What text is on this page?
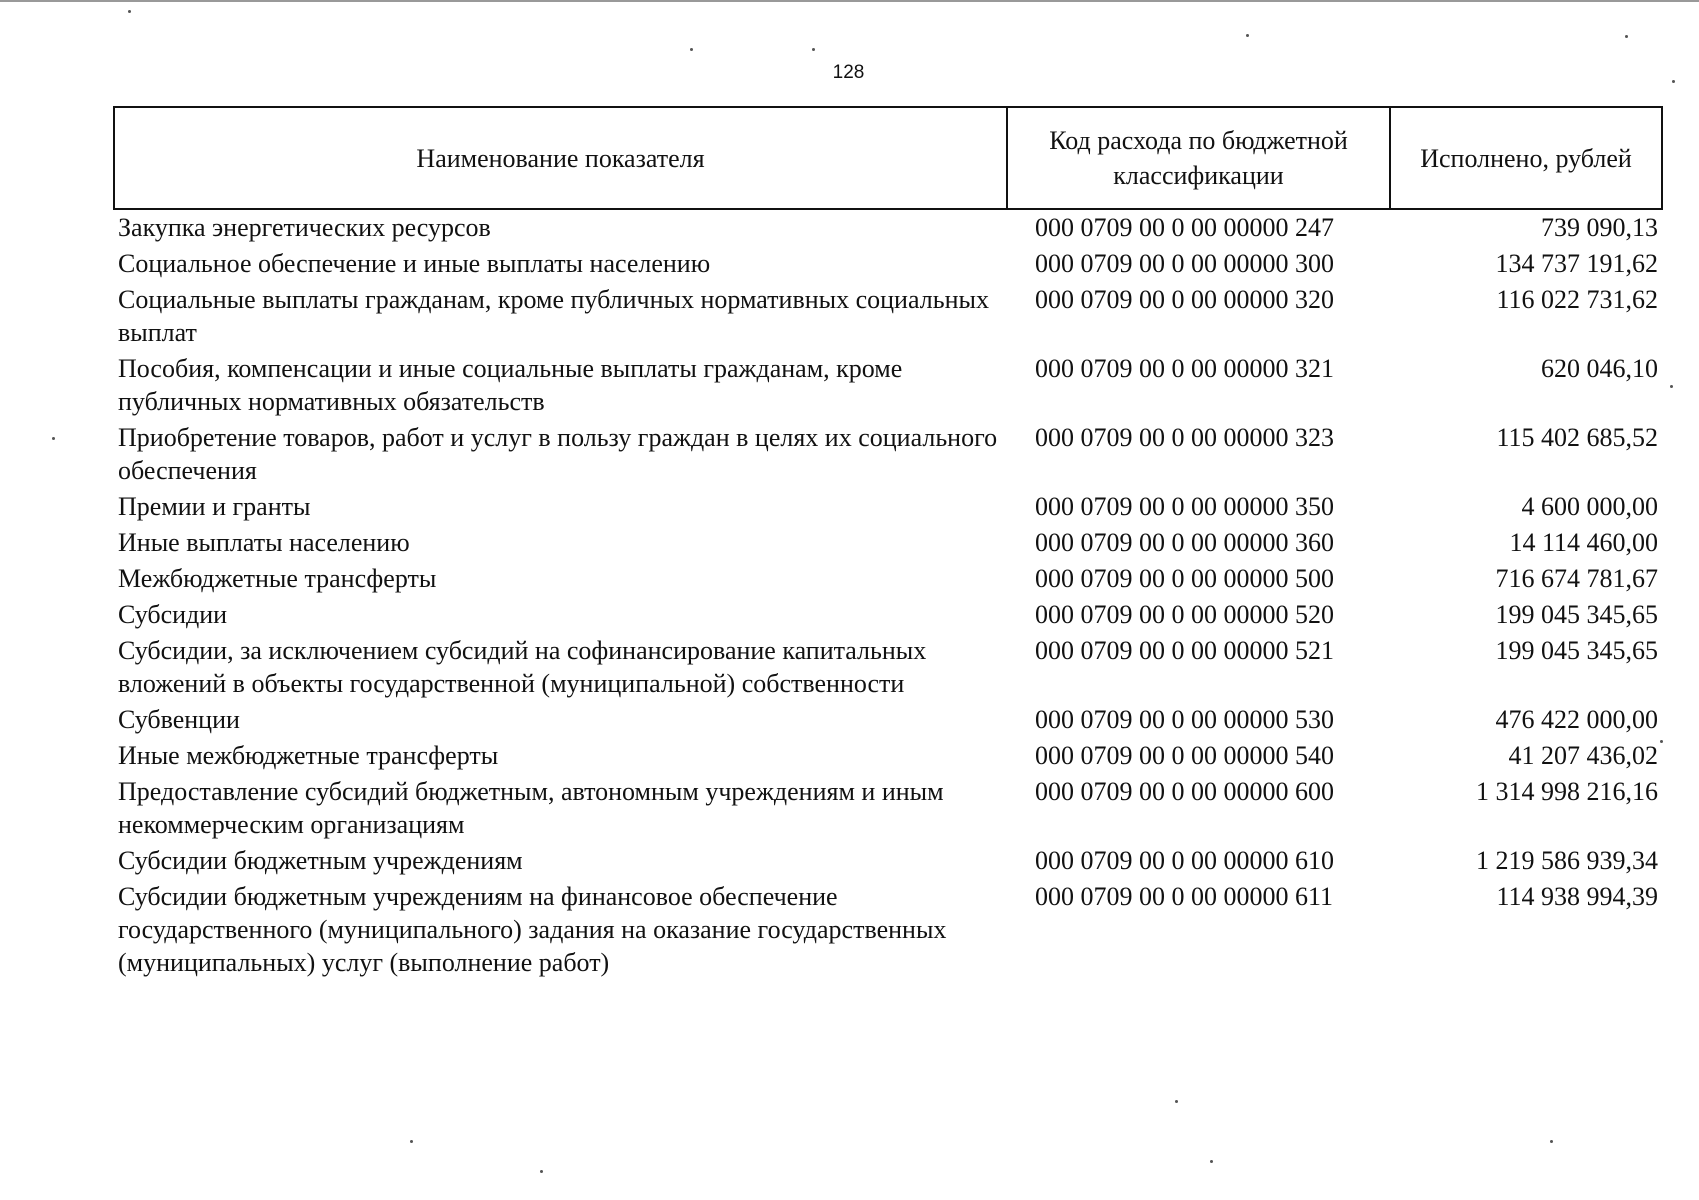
128
Наименование показателя	Код расхода по бюджетной классификации	Исполнено, рублей
Закупка энергетических ресурсов	000 0709 00 0 00 00000 247	739 090,13
Социальное обеспечение и иные выплаты населению	000 0709 00 0 00 00000 300	134 737 191,62
Социальные выплаты гражданам, кроме публичных нормативных социальных выплат	000 0709 00 0 00 00000 320	116 022 731,62
Пособия, компенсации и иные социальные выплаты гражданам, кроме публичных нормативных обязательств	000 0709 00 0 00 00000 321	620 046,10
Приобретение товаров, работ и услуг в пользу граждан в целях их социального обеспечения	000 0709 00 0 00 00000 323	115 402 685,52
Премии и гранты	000 0709 00 0 00 00000 350	4 600 000,00
Иные выплаты населению	000 0709 00 0 00 00000 360	14 114 460,00
Межбюджетные трансферты	000 0709 00 0 00 00000 500	716 674 781,67
Субсидии	000 0709 00 0 00 00000 520	199 045 345,65
Субсидии, за исключением субсидий на софинансирование капитальных вложений в объекты государственной (муниципальной) собственности	000 0709 00 0 00 00000 521	199 045 345,65
Субвенции	000 0709 00 0 00 00000 530	476 422 000,00
Иные межбюджетные трансферты	000 0709 00 0 00 00000 540	41 207 436,02
Предоставление субсидий бюджетным, автономным учреждениям и иным некоммерческим организациям	000 0709 00 0 00 00000 600	1 314 998 216,16
Субсидии бюджетным учреждениям	000 0709 00 0 00 00000 610	1 219 586 939,34
Субсидии бюджетным учреждениям на финансовое обеспечение государственного (муниципального) задания на оказание государственных (муниципальных) услуг (выполнение работ)	000 0709 00 0 00 00000 611	114 938 994,39
